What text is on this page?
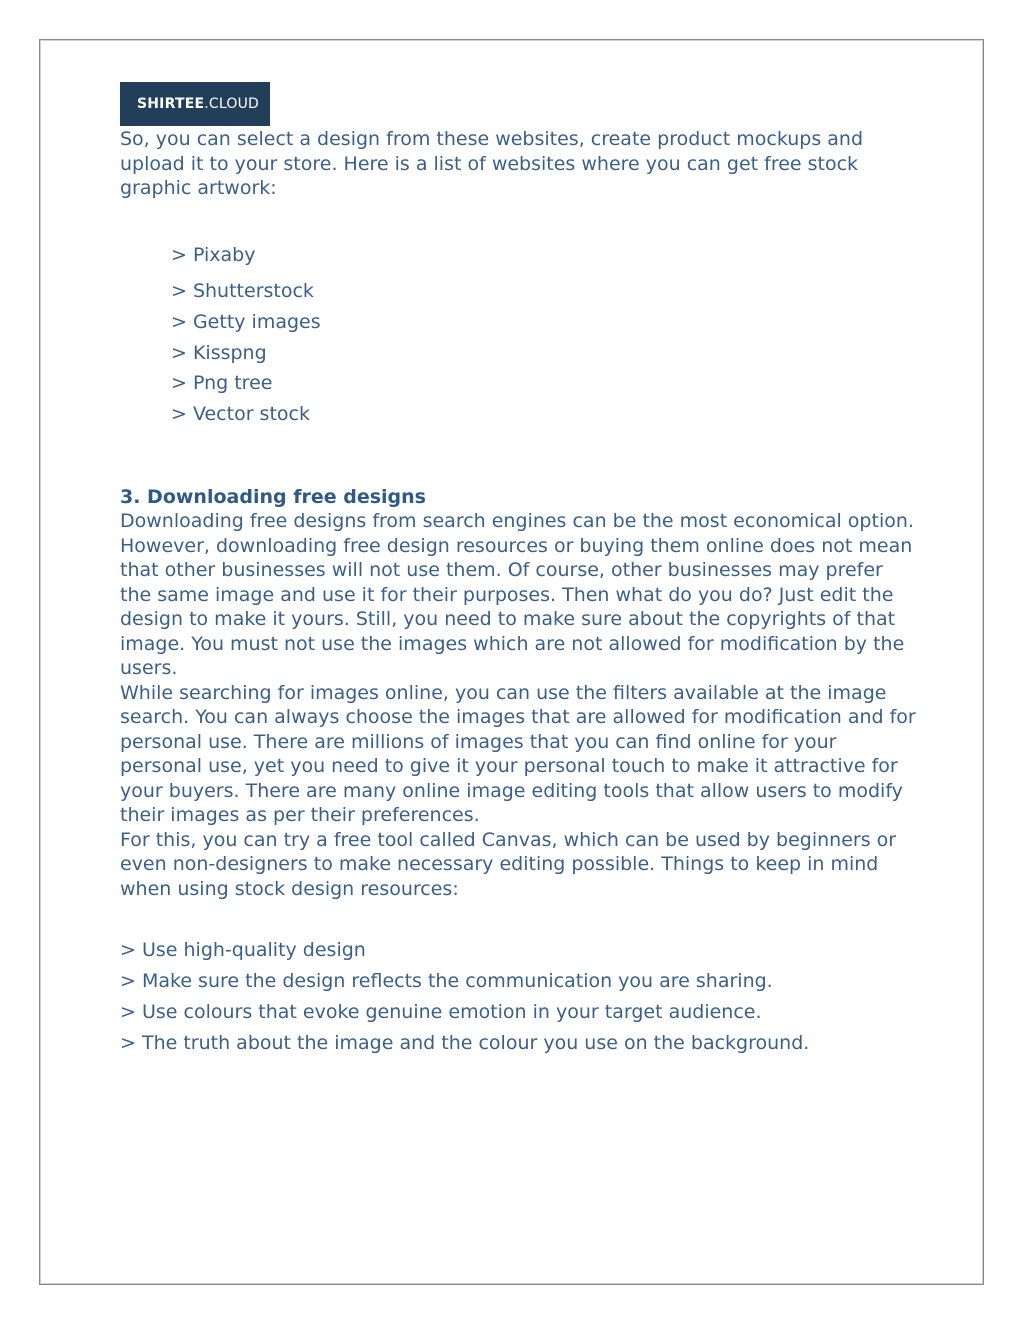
SHIRTEE .CLOUD

So, you can select a design from these websites, create product mockups and upload it to your store. Here is a list of websites where you can get free stock graphic artwork:

> Pixaby
> Shutterstock
> Getty images
> Kisspng
> Png tree
> Vector stock
3. Downloading free designs

Downloading free designs from search engines can be the most economical option. However, downloading free design resources or buying them online does not mean that other businesses will not use them. Of course, other businesses may prefer the same image and use it for their purposes. Then what do you do? Just edit the design to make it yours. Still, you need to make sure about the copyrights of that image. You must not use the images which are not allowed for modification by the users.

While searching for images online, you can use the filters available at the image search. You can always choose the images that are allowed for modification and for personal use. There are millions of images that you can find online for your personal use, yet you need to give it your personal touch to make it attractive for your buyers. There are many online image editing tools that allow users to modify their images as per their preferences.

For this, you can try a free tool called Canvas, which can be used by beginners or even non-designers to make necessary editing possible. Things to keep in mind when using stock design resources:

> Use high-quality design
> Make sure the design reflects the communication you are sharing.
> Use colours that evoke genuine emotion in your target audience.
> The truth about the image and the colour you use on the background.
